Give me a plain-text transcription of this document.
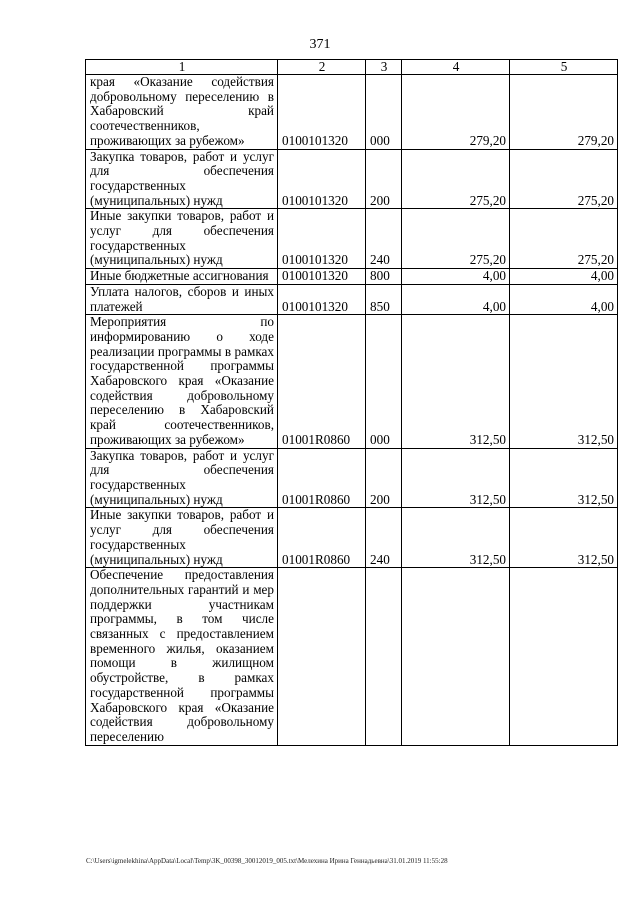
371
1	2	3	4	5
края «Оказание содействия добровольному переселению в Хабаровский край соотечественников, проживающих за рубежом»	0100101320	000	279,20	279,20
Закупка товаров, работ и услуг для обеспечения государственных (муниципальных) нужд	0100101320	200	275,20	275,20
Иные закупки товаров, работ и услуг для обеспечения государственных (муниципальных) нужд	0100101320	240	275,20	275,20
Иные бюджетные ассигнования	0100101320	800	4,00	4,00
Уплата налогов, сборов и иных платежей	0100101320	850	4,00	4,00
Мероприятия по информированию о ходе реализации программы в рамках государственной программы Хабаровского края «Оказание содействия добровольному переселению в Хабаровский край соотечественников, проживающих за рубежом»	01001R0860	000	312,50	312,50
Закупка товаров, работ и услуг для обеспечения государственных (муниципальных) нужд	01001R0860	200	312,50	312,50
Иные закупки товаров, работ и услуг для обеспечения государственных (муниципальных) нужд	01001R0860	240	312,50	312,50
Обеспечение предоставления дополнительных гарантий и мер поддержки участникам программы, в том числе связанных с предоставлением временного жилья, оказанием помощи в жилищном обустройстве, в рамках государственной программы Хабаровского края «Оказание содействия добровольному переселению				
C:\Users\igmelekhina\AppData\Local\Temp\3K_00398_30012019_005.txt\Мелехина Ирина Геннадьевна\31.01.2019 11:55:28
